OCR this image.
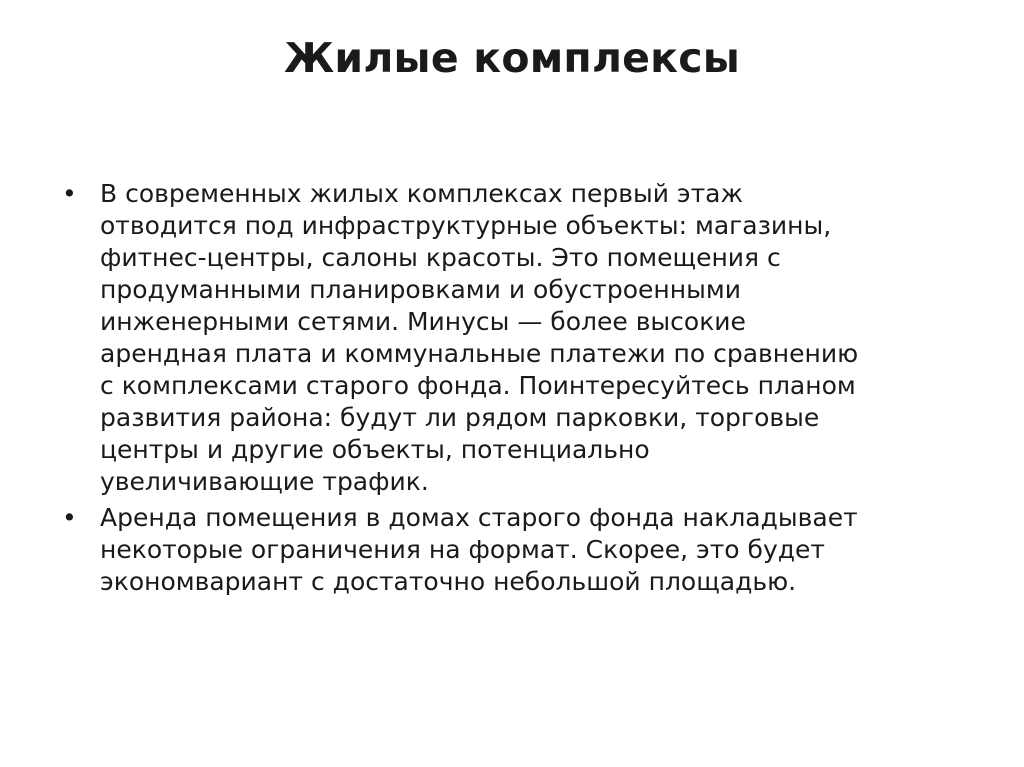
Жилые комплексы
• В современных жилых комплексах первый этаж
отводится под инфраструктурные объекты: магазины,
фитнес-центры, салоны красоты. Это помещения с
продуманными планировками и обустроенными
инженерными сетями. Минусы — более высокие
арендная плата и коммунальные платежи по сравнению
с комплексами старого фонда. Поинтересуйтесь планом
развития района: будут ли рядом парковки, торговые
центры и другие объекты, потенциально
увеличивающие трафик.
• Аренда помещения в домах старого фонда накладывает
некоторые ограничения на формат. Скорее, это будет
экономвариант с достаточно небольшой площадью.
